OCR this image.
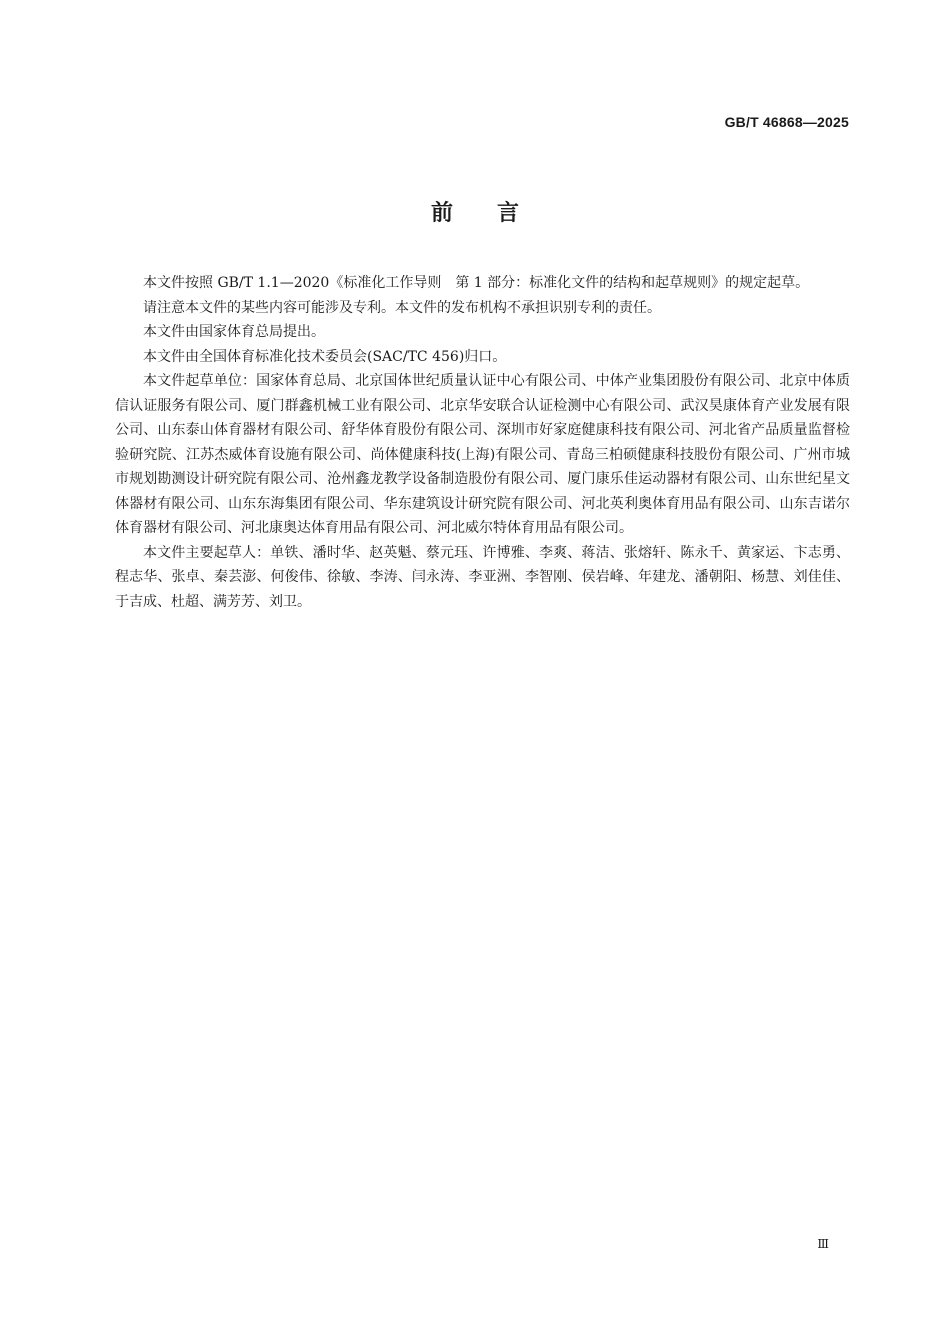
GB/T 46868—2025
前 言

本文件按照 GB/T 1.1—2020《标准化工作导则　第 1 部分：标准化文件的结构和起草规则》的规定起草。

请注意本文件的某些内容可能涉及专利。本文件的发布机构不承担识别专利的责任。

本文件由国家体育总局提出。

本文件由全国体育标准化技术委员会(SAC/TC 456)归口。

本文件起草单位：国家体育总局、北京国体世纪质量认证中心有限公司、中体产业集团股份有限公司、北京中体质信认证服务有限公司、厦门群鑫机械工业有限公司、北京华安联合认证检测中心有限公司、武汉昊康体育产业发展有限公司、山东泰山体育器材有限公司、舒华体育股份有限公司、深圳市好家庭健康科技有限公司、河北省产品质量监督检验研究院、江苏杰威体育设施有限公司、尚体健康科技(上海)有限公司、青岛三柏硕健康科技股份有限公司、广州市城市规划勘测设计研究院有限公司、沧州鑫龙教学设备制造股份有限公司、厦门康乐佳运动器材有限公司、山东世纪星文体器材有限公司、山东东海集团有限公司、华东建筑设计研究院有限公司、河北英利奥体育用品有限公司、山东吉诺尔体育器材有限公司、河北康奥达体育用品有限公司、河北威尔特体育用品有限公司。

本文件主要起草人：单铁、潘时华、赵英魁、蔡元珏、许博雅、李爽、蒋洁、张熔轩、陈永千、黄家运、卞志勇、程志华、张卓、秦芸澎、何俊伟、徐敏、李涛、闫永涛、李亚洲、李智刚、侯岩峰、年建龙、潘朝阳、杨慧、刘佳佳、于吉成、杜超、满芳芳、刘卫。

Ⅲ
